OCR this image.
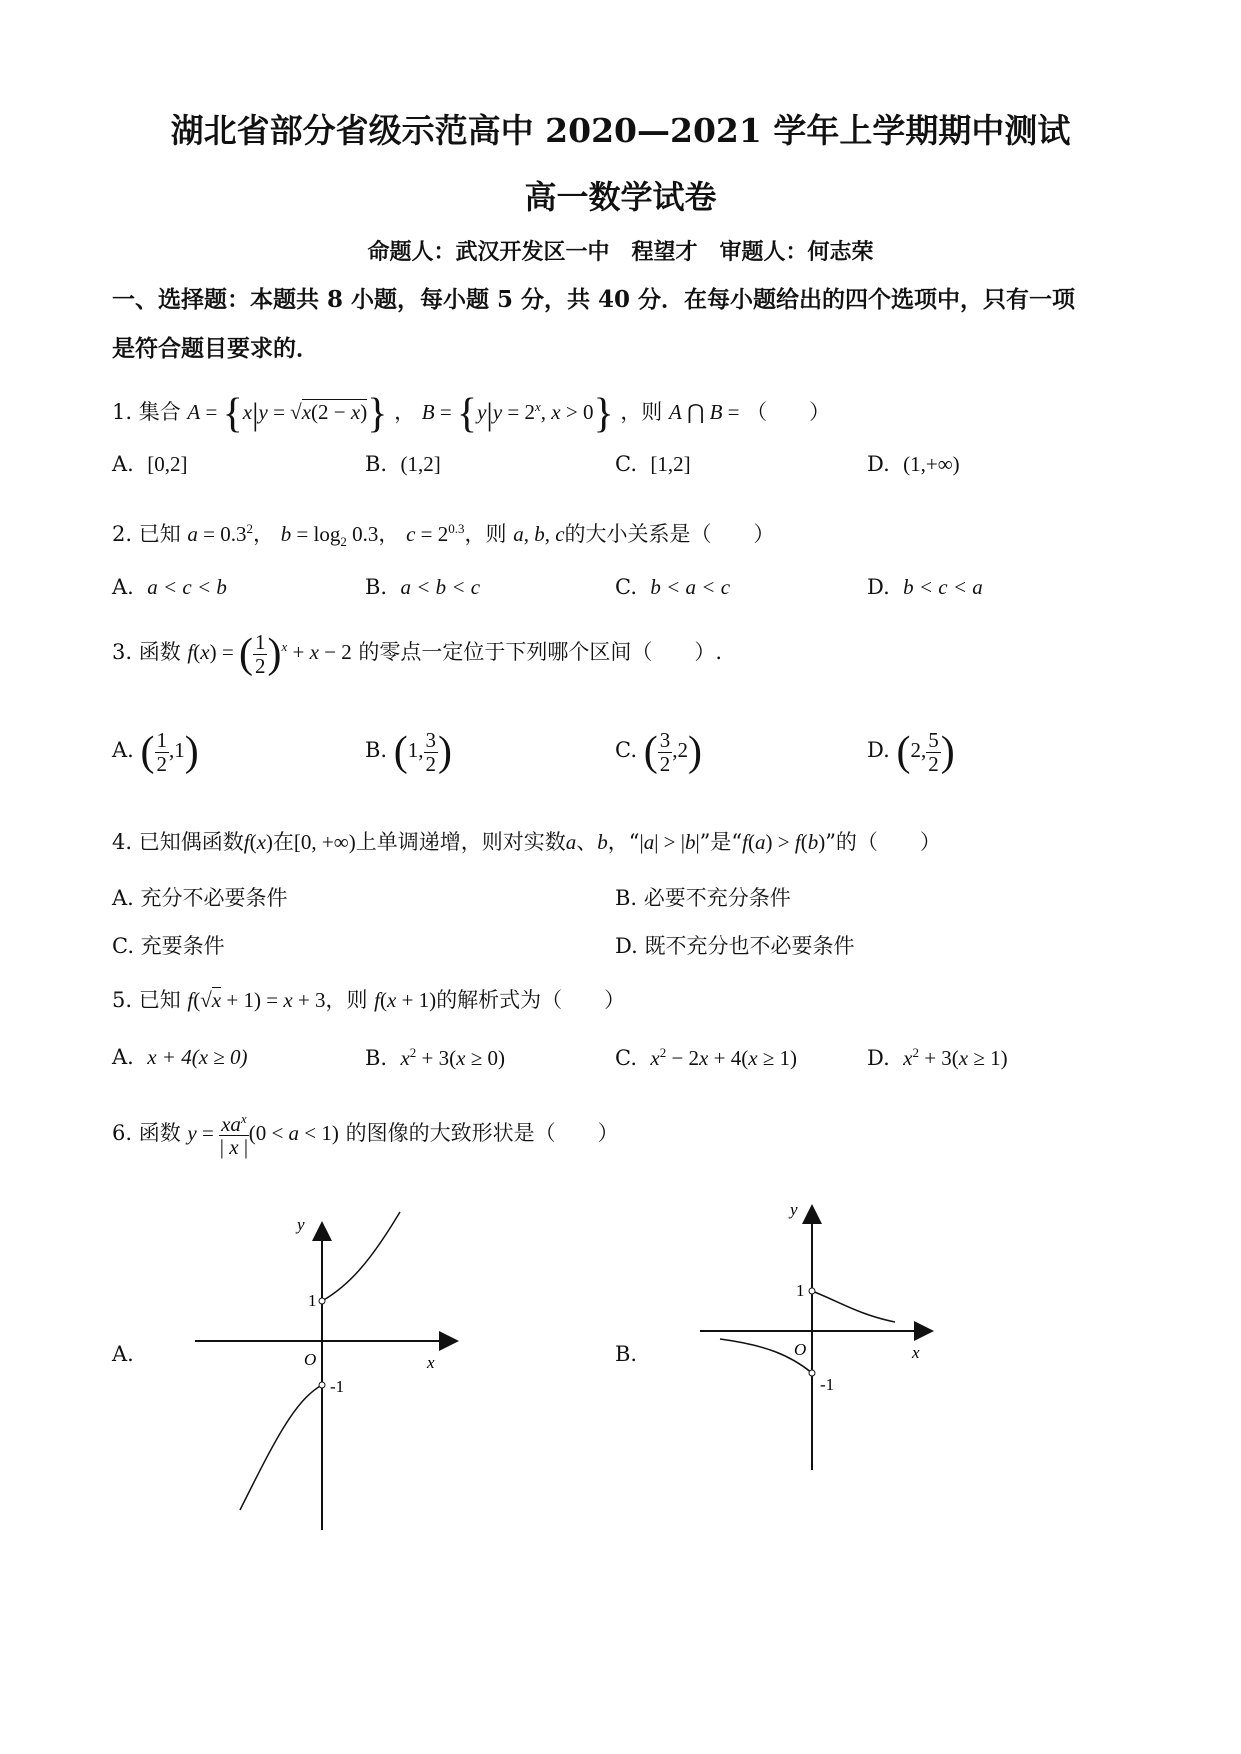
湖北省部分省级示范高中 2020—2021 学年上学期期中测试
高一数学试卷
命题人：武汉开发区一中　程望才　审题人：何志荣
一、选择题：本题共 8 小题，每小题 5 分，共 40 分．在每小题给出的四个选项中，只有一项
是符合题目要求的．
1. 集合 A = {x|y = √x(2 − x)} ， $B = \{y|y = 2^x$, x > 0} ，则 A ⋂ B = （　　）
A. [0,2]	B. (1,2]	C. [1,2]	D. (1,+∞)
2. 已知 $a = 0.3^2$， $b = \log_2 0.3$， $c = 2^{0.3}$，则 a, b, c的大小关系是（　　）
A. a < c < b	B. a < b < c	C. b < a < c	D. b < c < a
3. 函数 f(x) = ( $\frac{1}{2} )^x + x - 2$ 的零点一定位于下列哪个区间（　　）.
A. ( $\frac{1}{2} ,1$)	B. (1, $\frac{3}{2}$ )	C. ( $\frac{3}{2} ,2$)	D. (2, $\frac{5}{2}$ )
4. 已知偶函数f(x)在[0, +∞)上单调递增，则对实数a、b，“|a| > |b|”是“f(a) > f(b)”的（　　）
A. 充分不必要条件	B. 必要不充分条件
C. 充要条件	D. 既不充分也不必要条件
5. 已知 f(√x + 1) = x + 3，则 f(x + 1)的解析式为（　　）
A. x + 4(x ≥ 0)	B. $x^2 + 3(x \ge 0)$	C. $x^2 - 2x + 4(x \ge 1)$	D. $x^2 + 3(x \ge 1)$
6. 函数 $y = \frac{xa^x}{| x |} (0 < a < 1)$ 的图像的大致形状是（　　）
A.	B.
y
1
O	x
-1
y
1
O	x
-1
